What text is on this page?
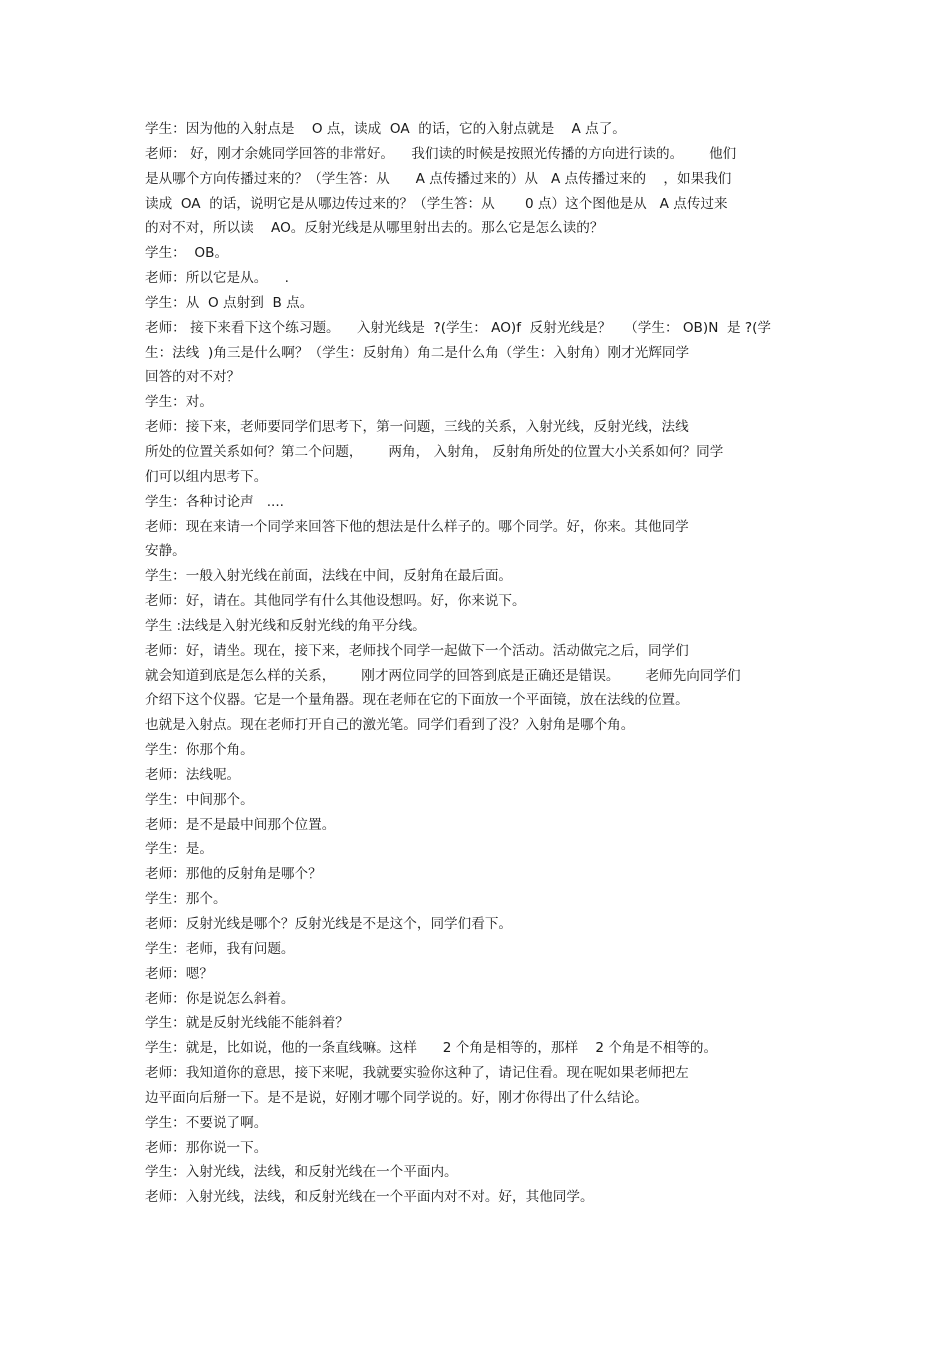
学生：因为他的入射点是    O 点，读成  OA  的话，它的入射点就是    A 点了。
老师： 好，刚才余姚同学回答的非常好。    我们读的时候是按照光传播的方向进行读的。      他们
是从哪个方向传播过来的？（学生答：从      A 点传播过来的）从   A 点传播过来的    ，如果我们
读成  OA  的话，说明它是从哪边传过来的？（学生答：从       0 点）这个图他是从   A 点传过来
的对不对，所以读    AO。反射光线是从哪里射出去的。那么它是怎么读的？
学生：  OB。
老师：所以它是从。    .
学生：从  O 点射到  B 点。
老师： 接下来看下这个练习题。    入射光线是  ?(学生： AO)f  反射光线是？   （学生： OB)N  是 ?(学
生：法线  )角三是什么啊？（学生：反射角）角二是什么角（学生：入射角）刚才光辉同学
回答的对不对？
学生：对。
老师：接下来，老师要同学们思考下，第一问题，三线的关系，入射光线，反射光线，法线
所处的位置关系如何？第二个问题，      两角， 入射角， 反射角所处的位置大小关系如何？同学
们可以组内思考下。
学生：各种讨论声   ....
老师：现在来请一个同学来回答下他的想法是什么样子的。哪个同学。好，你来。其他同学
安静。
学生：一般入射光线在前面，法线在中间，反射角在最后面。
老师：好，请在。其他同学有什么其他设想吗。好，你来说下。
学生 :法线是入射光线和反射光线的角平分线。
老师：好，请坐。现在，接下来，老师找个同学一起做下一个活动。活动做完之后，同学们
就会知道到底是怎么样的关系，      刚才两位同学的回答到底是正确还是错误。      老师先向同学们
介绍下这个仪器。它是一个量角器。现在老师在它的下面放一个平面镜，放在法线的位置。
也就是入射点。现在老师打开自己的激光笔。同学们看到了没？入射角是哪个角。
学生：你那个角。
老师：法线呢。
学生：中间那个。
老师：是不是最中间那个位置。
学生：是。
老师：那他的反射角是哪个？
学生：那个。
老师：反射光线是哪个？反射光线是不是这个，同学们看下。
学生：老师，我有问题。
老师：嗯？
老师：你是说怎么斜着。
学生：就是反射光线能不能斜着？
学生：就是，比如说，他的一条直线嘛。这样      2 个角是相等的，那样    2 个角是不相等的。
老师：我知道你的意思，接下来呢，我就要实验你这种了，请记住看。现在呢如果老师把左
边平面向后掰一下。是不是说，好刚才哪个同学说的。好，刚才你得出了什么结论。
学生：不要说了啊。
老师：那你说一下。
学生：入射光线，法线，和反射光线在一个平面内。
老师：入射光线，法线，和反射光线在一个平面内对不对。好，其他同学。
